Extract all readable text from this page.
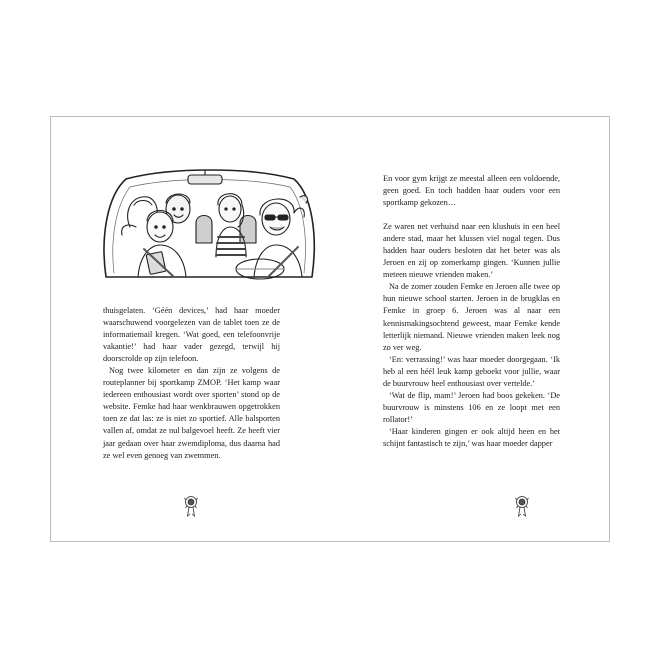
thuisgelaten. ‘Géén devices,’ had haar moeder waarschuwend voorgelezen van de tablet toen ze de informatiemail kregen. ‘Wat goed, een telefoonvrije vakantie!’ had haar vader gezegd, terwijl hij doorscrolde op zijn telefoon.

Nog twee kilometer en dan zijn ze volgens de routeplanner bij sportkamp ZMOP. ‘Het kamp waar iedereen enthousiast wordt over sporten’ stond op de website. Femke had haar wenkbrauwen opgetrokken toen ze dat las: ze is niet zo sportief. Alle balsporten vallen af, omdat ze nul balgevoel heeft. Ze heeft vier jaar gedaan over haar zwemdiploma, dus daarna had ze wel even genoeg van zwemmen.

En voor gym krijgt ze meestal alleen een voldoende, geen goed. En toch hadden haar ouders voor een sportkamp gekozen…

Ze waren net verhuisd naar een klushuis in een heel andere stad, maar het klussen viel nogal tegen. Dus hadden haar ouders besloten dat het beter was als Jeroen en zij op zomerkamp gingen. ‘Kunnen jullie meteen nieuwe vrienden maken.’

Na de zomer zouden Femke en Jeroen alle twee op hun nieuwe school starten. Jeroen in de brugklas en Femke in groep 6. Jeroen was al naar een kennismakingsochtend geweest, maar Femke kende letterlijk niemand. Nieuwe vrienden maken leek nog zo ver weg.

‘En: verrassing!’ was haar moeder doorgegaan. ‘Ik heb al een héél leuk kamp geboekt voor jullie, waar de buurvrouw heel enthousiast over vertelde.’

‘Wat de flip, mam!’ Jeroen had boos gekeken. ‘De buurvrouw is minstens 106 en ze loopt met een rollator!’

‘Haar kinderen gingen er ook altijd heen en het schijnt fantastisch te zijn,’ was haar moeder dapper
